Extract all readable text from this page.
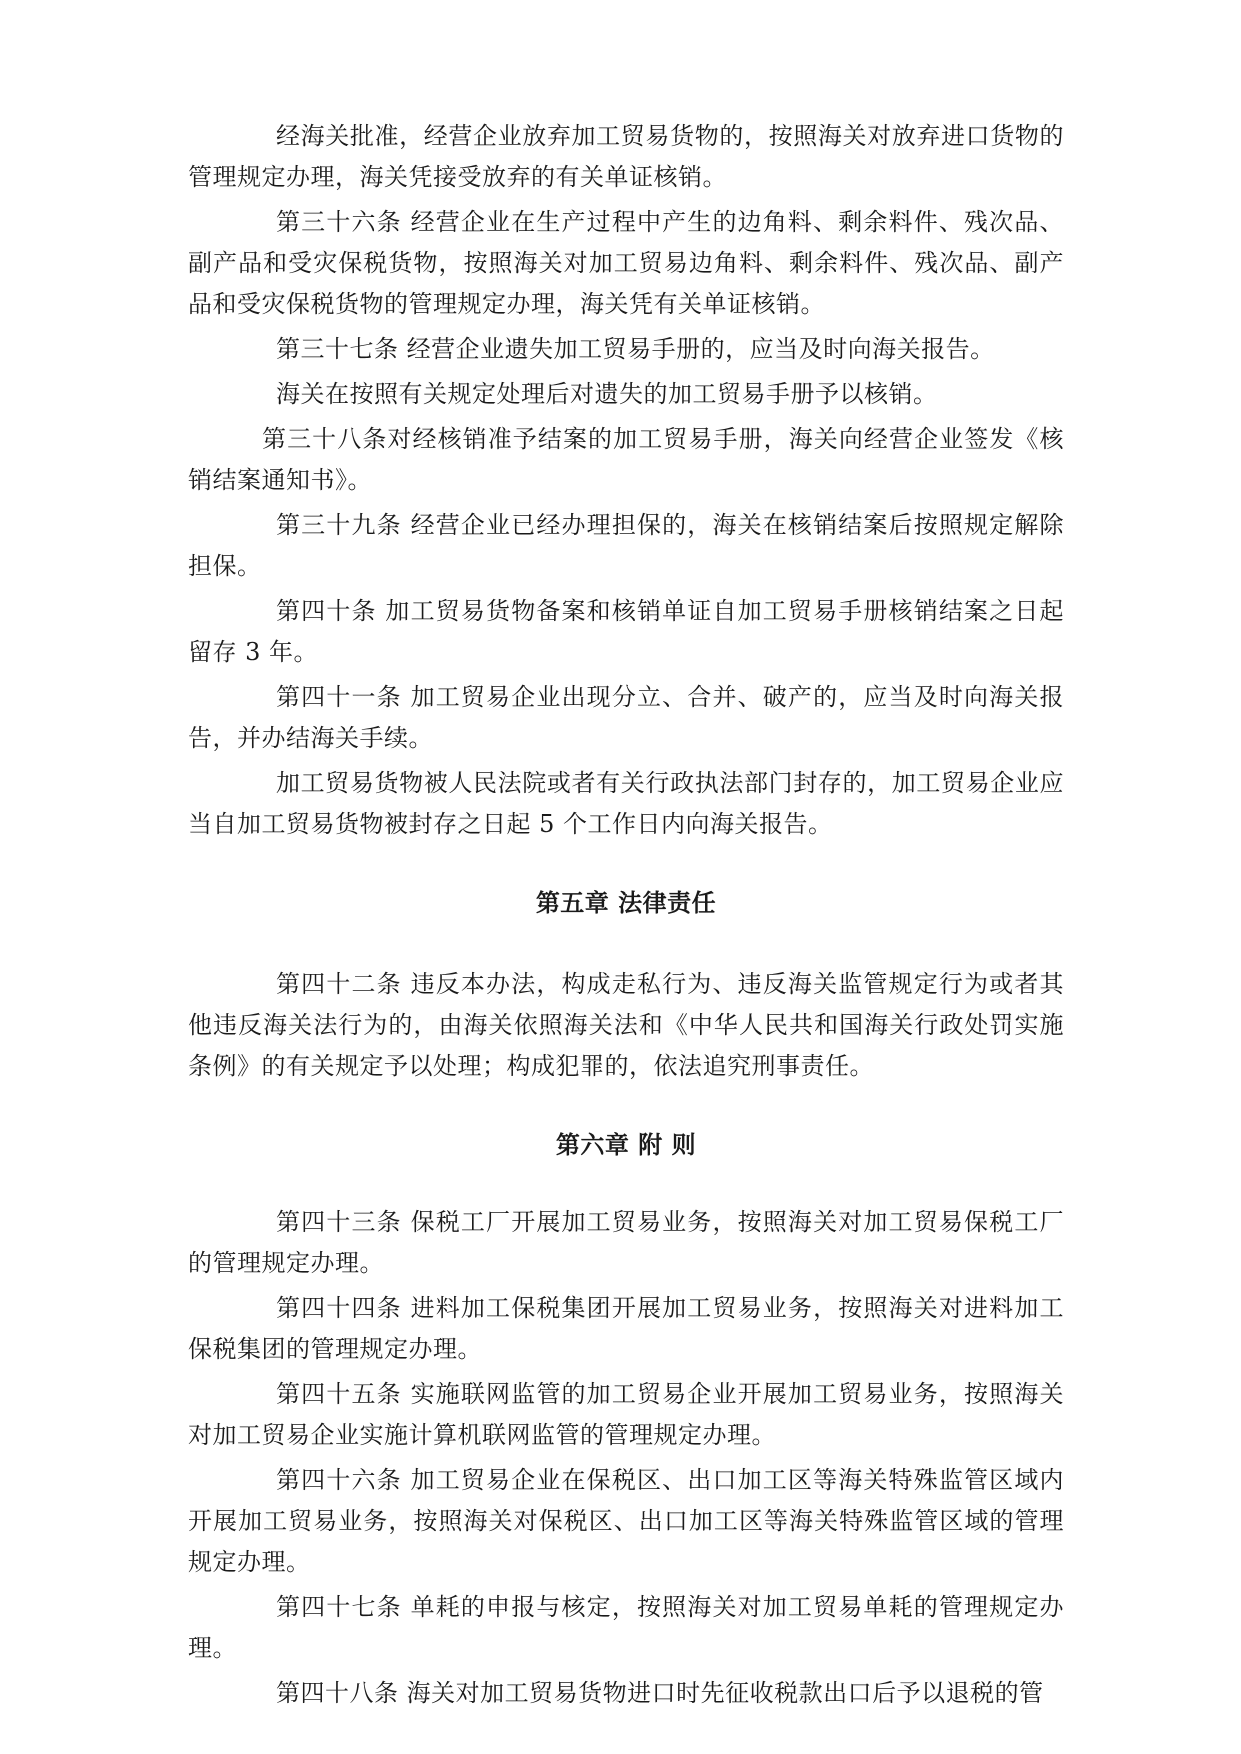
经海关批准，经营企业放弃加工贸易货物的，按照海关对放弃进口货物的管理规定办理，海关凭接受放弃的有关单证核销。

第三十六条 经营企业在生产过程中产生的边角料、剩余料件、残次品、副产品和受灾保税货物，按照海关对加工贸易边角料、剩余料件、残次品、副产品和受灾保税货物的管理规定办理，海关凭有关单证核销。

第三十七条 经营企业遗失加工贸易手册的，应当及时向海关报告。

海关在按照有关规定处理后对遗失的加工贸易手册予以核销。

第三十八条对经核销准予结案的加工贸易手册，海关向经营企业签发《核销结案通知书》。

第三十九条 经营企业已经办理担保的，海关在核销结案后按照规定解除担保。

第四十条 加工贸易货物备案和核销单证自加工贸易手册核销结案之日起留存 3 年。

第四十一条 加工贸易企业出现分立、合并、破产的，应当及时向海关报告，并办结海关手续。

加工贸易货物被人民法院或者有关行政执法部门封存的，加工贸易企业应当自加工贸易货物被封存之日起 5 个工作日内向海关报告。

第五章 法律责任

第四十二条 违反本办法，构成走私行为、违反海关监管规定行为或者其他违反海关法行为的，由海关依照海关法和《中华人民共和国海关行政处罚实施条例》的有关规定予以处理；构成犯罪的，依法追究刑事责任。

第六章 附 则

第四十三条 保税工厂开展加工贸易业务，按照海关对加工贸易保税工厂的管理规定办理。

第四十四条 进料加工保税集团开展加工贸易业务，按照海关对进料加工保税集团的管理规定办理。

第四十五条 实施联网监管的加工贸易企业开展加工贸易业务，按照海关对加工贸易企业实施计算机联网监管的管理规定办理。

第四十六条 加工贸易企业在保税区、出口加工区等海关特殊监管区域内开展加工贸易业务，按照海关对保税区、出口加工区等海关特殊监管区域的管理规定办理。

第四十七条 单耗的申报与核定，按照海关对加工贸易单耗的管理规定办理。

第四十八条 海关对加工贸易货物进口时先征收税款出口后予以退税的管
